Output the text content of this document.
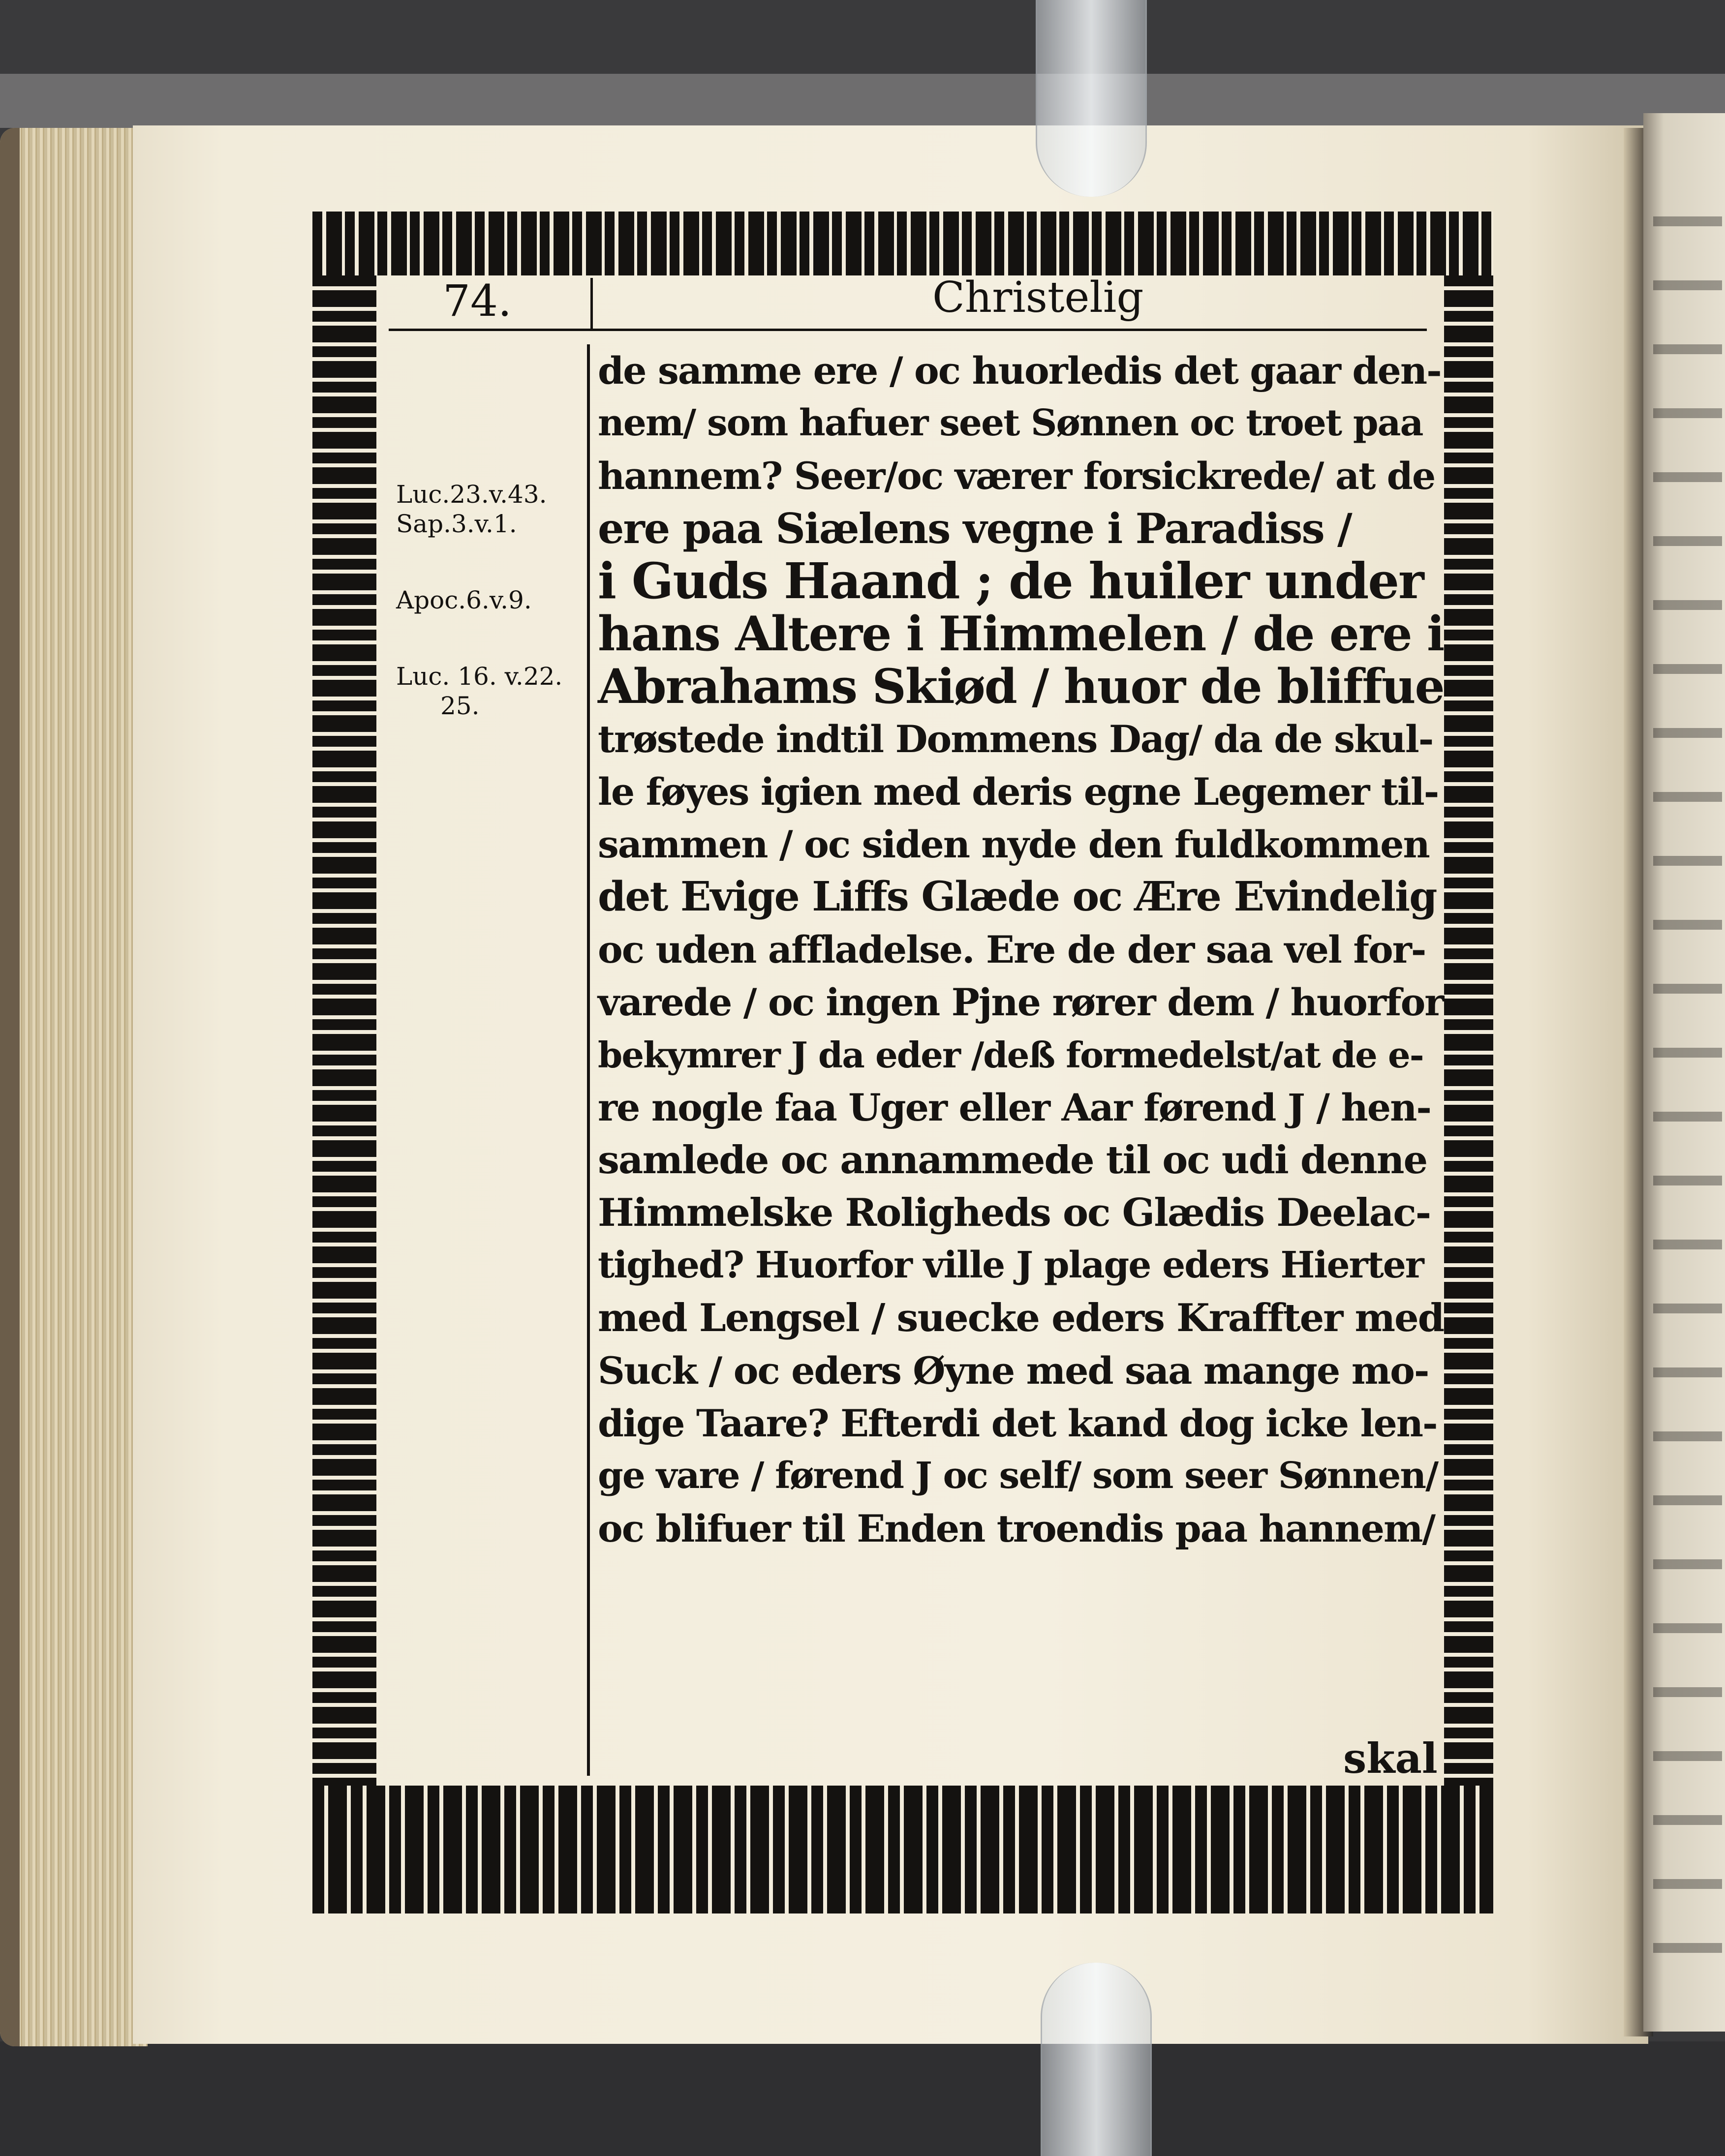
74.	Christelig
Luc.23.v.43.
Sap.3.v.1.
Apoc.6.v.9.
Luc. 16. v.22.
25.
de samme ere / oc huorledis det gaar den-
nem/ som hafuer seet Sønnen oc troet paa
hannem? Seer/oc værer forsickrede/ at de
ere paa Siælens vegne i Paradiss /
i Guds Haand ; de huiler under
hans Altere i Himmelen / de ere i
Abrahams Skiød / huor de bliffue
trøstede indtil Dommens Dag/ da de skul-
le føyes igien med deris egne Legemer til-
sammen / oc siden nyde den fuldkommen
det Evige Liffs Glæde oc Ære Evindelig
oc uden affladelse. Ere de der saa vel for-
varede / oc ingen Pjne rører dem / huorfor
bekymrer J da eder /deß formedelst/at de e-
re nogle faa Uger eller Aar førend J / hen-
samlede oc annammede til oc udi denne
Himmelske Roligheds oc Glædis Deelac-
tighed? Huorfor ville J plage eders Hierter
med Lengsel / suecke eders Kraffter med
Suck / oc eders Øyne med saa mange mo-
dige Taare? Efterdi det kand dog icke len-
ge vare / førend J oc self/ som seer Sønnen/
oc blifuer til Enden troendis paa hannem/
skal
